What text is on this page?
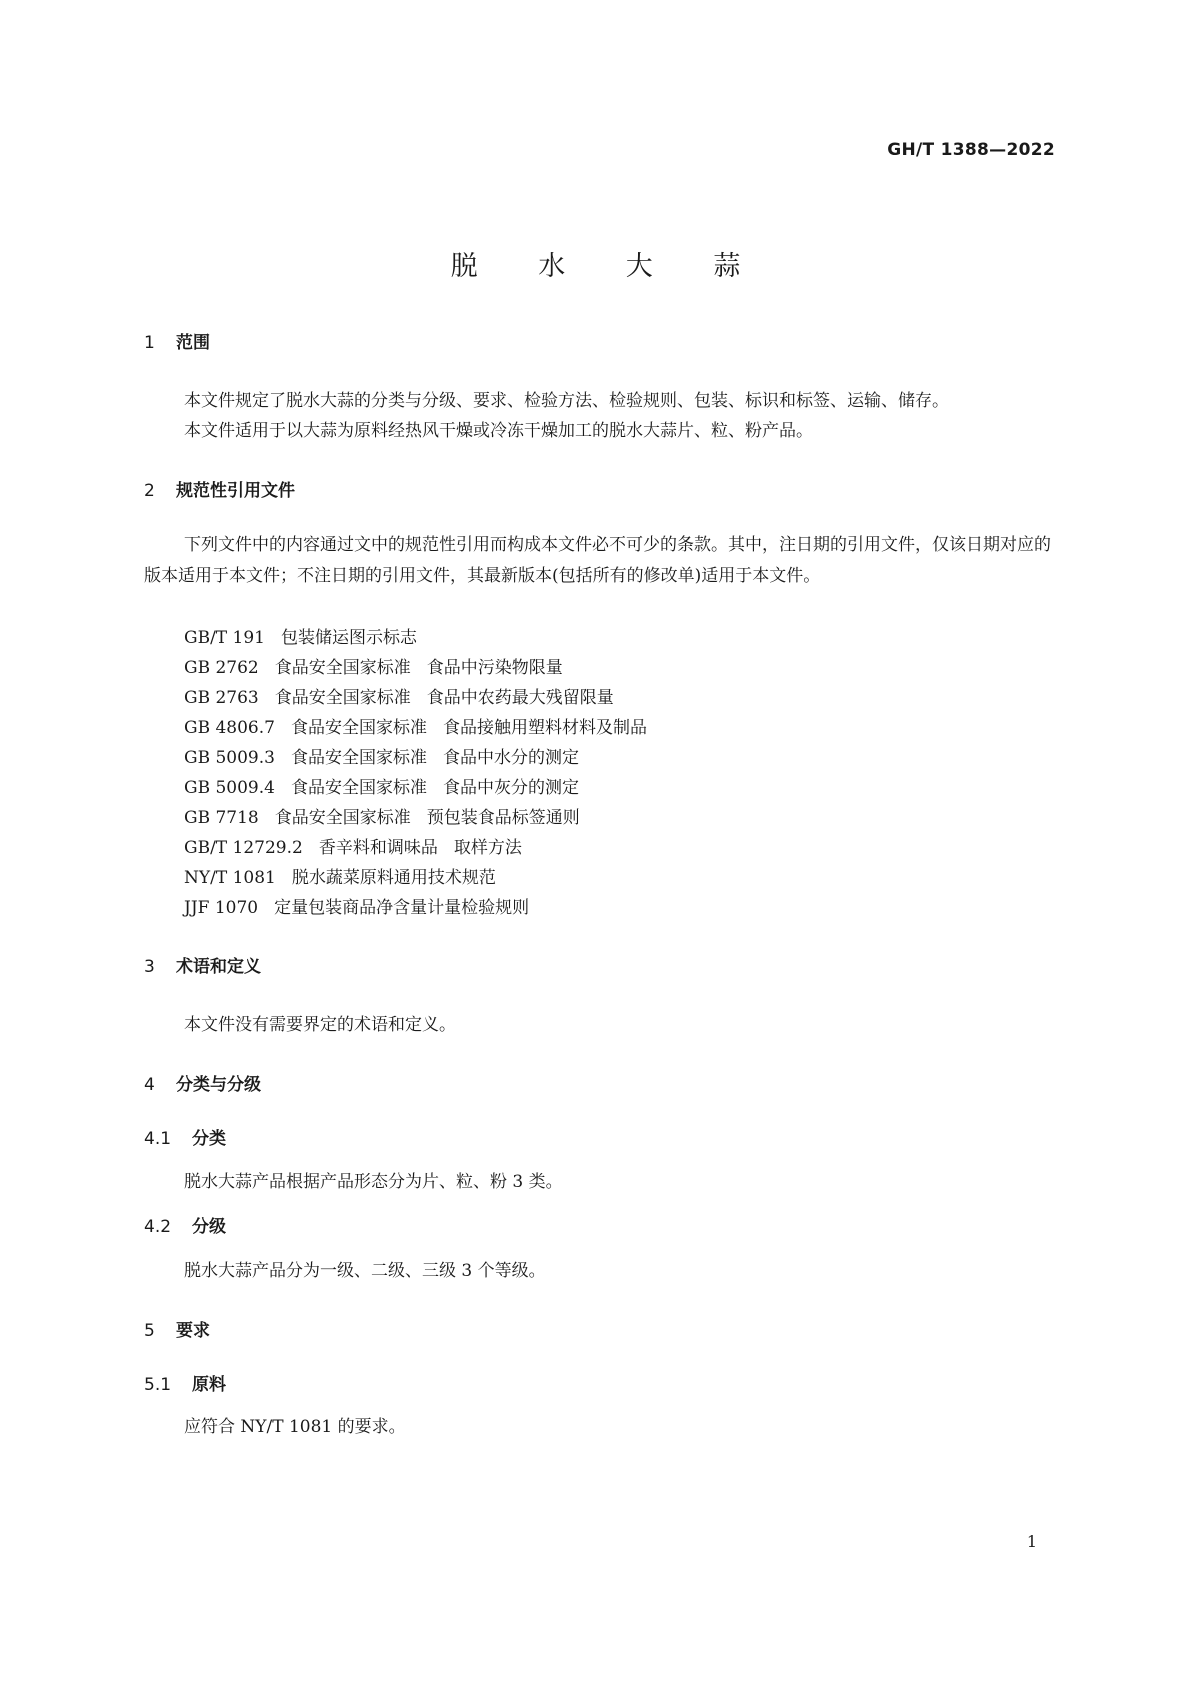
GH/T 1388—2022
脱 水 大 蒜
1 范围
本文件规定了脱水大蒜的分类与分级、要求、检验方法、检验规则、包装、标识和标签、运输、储存。
本文件适用于以大蒜为原料经热风干燥或冷冻干燥加工的脱水大蒜片、粒、粉产品。
2 规范性引用文件
下列文件中的内容通过文中的规范性引用而构成本文件必不可少的条款。其中，注日期的引用文件，仅该日期对应的版本适用于本文件；不注日期的引用文件，其最新版本(包括所有的修改单)适用于本文件。
GB/T 191 包装储运图示标志
GB 2762 食品安全国家标准 食品中污染物限量
GB 2763 食品安全国家标准 食品中农药最大残留限量
GB 4806.7 食品安全国家标准 食品接触用塑料材料及制品
GB 5009.3 食品安全国家标准 食品中水分的测定
GB 5009.4 食品安全国家标准 食品中灰分的测定
GB 7718 食品安全国家标准 预包装食品标签通则
GB/T 12729.2 香辛料和调味品 取样方法
NY/T 1081 脱水蔬菜原料通用技术规范
JJF 1070 定量包装商品净含量计量检验规则
3 术语和定义
本文件没有需要界定的术语和定义。
4 分类与分级
4.1 分类
脱水大蒜产品根据产品形态分为片、粒、粉 3 类。
4.2 分级
脱水大蒜产品分为一级、二级、三级 3 个等级。
5 要求
5.1 原料
应符合 NY/T 1081 的要求。
1
